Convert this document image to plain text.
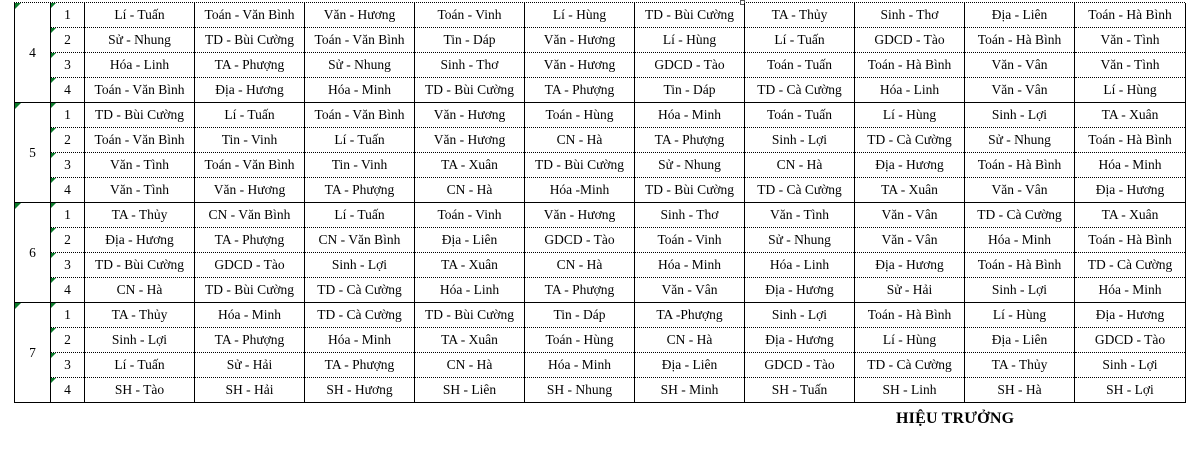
4	1	Lí - Tuấn	Toán - Văn Bình	Văn - Hương	Toán - Vinh	Lí - Hùng	TD - Bùi Cường	TA - Thủy	Sinh - Thơ	Địa - Liên	Toán - Hà Bình
	2	Sử - Nhung	TD - Bùi Cường	Toán - Văn Bình	Tin - Dáp	Văn - Hương	Lí - Hùng	Lí - Tuấn	GDCD - Tào	Toán - Hà Bình	Văn - Tình
	3	Hóa - Linh	TA - Phượng	Sử - Nhung	Sinh - Thơ	Văn - Hương	GDCD - Tào	Toán - Tuấn	Toán - Hà Bình	Văn - Vân	Văn - Tình
	4	Toán - Văn Bình	Địa - Hương	Hóa - Minh	TD - Bùi Cường	TA - Phượng	Tin - Dáp	TD - Cà Cường	Hóa - Linh	Văn - Vân	Lí - Hùng
5	1	TD - Bùi Cường	Lí - Tuấn	Toán - Văn Bình	Văn - Hương	Toán - Hùng	Hóa - Minh	Toán - Tuấn	Lí - Hùng	Sinh - Lợi	TA - Xuân
	2	Toán - Văn Bình	Tin - Vinh	Lí - Tuấn	Văn - Hương	CN - Hà	TA - Phượng	Sinh - Lợi	TD - Cà Cường	Sử - Nhung	Toán - Hà Bình
	3	Văn - Tình	Toán - Văn Bình	Tin - Vinh	TA - Xuân	TD - Bùi Cường	Sử - Nhung	CN - Hà	Địa - Hương	Toán - Hà Bình	Hóa - Minh
	4	Văn - Tình	Văn - Hương	TA - Phượng	CN - Hà	Hóa -Minh	TD - Bùi Cường	TD - Cà Cường	TA - Xuân	Văn - Vân	Địa - Hương
6	1	TA - Thủy	CN - Văn Bình	Lí - Tuấn	Toán - Vinh	Văn - Hương	Sinh - Thơ	Văn - Tình	Văn - Vân	TD - Cà Cường	TA - Xuân
	2	Địa - Hương	TA - Phượng	CN - Văn Bình	Địa - Liên	GDCD - Tào	Toán - Vinh	Sử - Nhung	Văn - Vân	Hóa - Minh	Toán - Hà Bình
	3	TD - Bùi Cường	GDCD - Tào	Sinh - Lợi	TA - Xuân	CN - Hà	Hóa - Minh	Hóa - Linh	Địa - Hương	Toán - Hà Bình	TD - Cà Cường
	4	CN - Hà	TD - Bùi Cường	TD - Cà Cường	Hóa - Linh	TA - Phượng	Văn - Vân	Địa - Hương	Sử - Hải	Sinh - Lợi	Hóa - Minh
7	1	TA - Thủy	Hóa - Minh	TD - Cà Cường	TD - Bùi Cường	Tin - Dáp	TA -Phượng	Sinh - Lợi	Toán - Hà Bình	Lí - Hùng	Địa - Hương
	2	Sinh - Lợi	TA - Phượng	Hóa - Minh	TA - Xuân	Toán - Hùng	CN - Hà	Địa - Hương	Lí - Hùng	Địa - Liên	GDCD - Tào
	3	Lí - Tuấn	Sử - Hải	TA - Phượng	CN - Hà	Hóa - Minh	Địa - Liên	GDCD - Tào	TD - Cà Cường	TA - Thủy	Sinh - Lợi
	4	SH - Tào	SH - Hải	SH - Hương	SH - Liên	SH - Nhung	SH - Minh	SH - Tuấn	SH - Linh	SH - Hà	SH - Lợi
HIỆU TRƯỞNG
